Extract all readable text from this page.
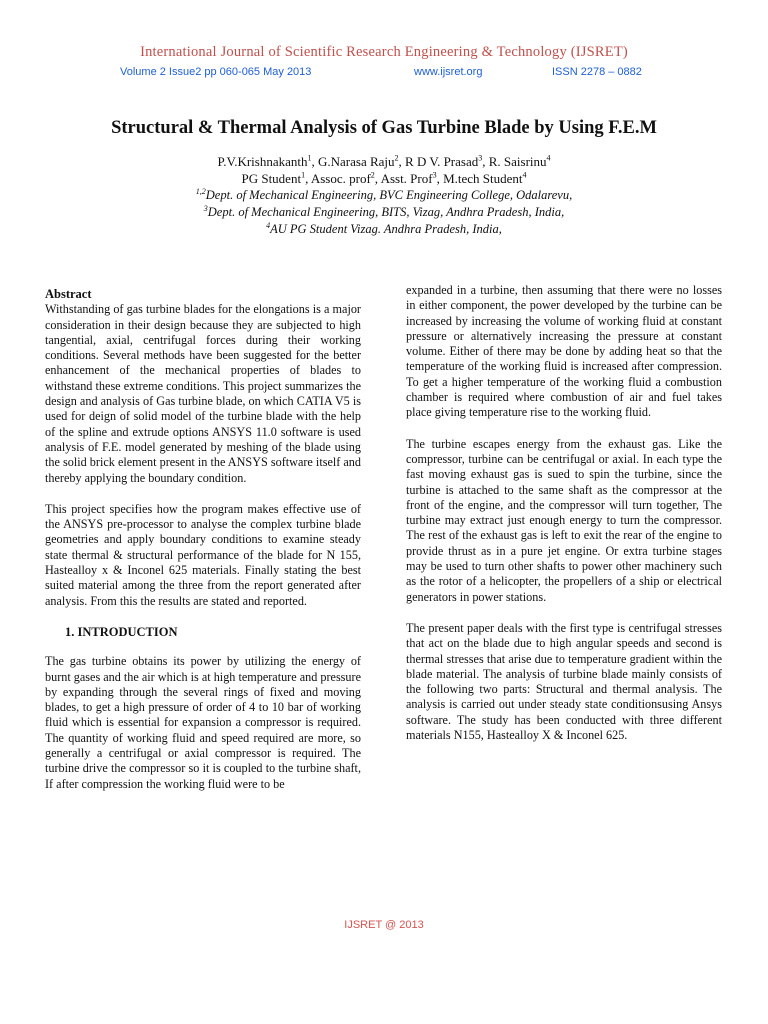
International Journal of Scientific Research Engineering & Technology (IJSRET)
Volume 2 Issue2 pp 060-065 May 2013	www.ijsret.org	ISSN 2278 – 0882
Structural & Thermal Analysis of Gas Turbine Blade by Using F.E.M
P.V.Krishnakanth$^1$, G.Narasa Raju$^2$, R D V. Prasad$^3$, R. Saisrinu$^4$
PG Student$^1$, Assoc. prof$^2$, Asst. Prof$^3$, M.tech Student$^4$
$^{1,2}$Dept. of Mechanical Engineering, BVC Engineering College, Odalarevu,
$^3$Dept. of Mechanical Engineering, BITS, Vizag, Andhra Pradesh, India,
$^4$AU PG Student Vizag. Andhra Pradesh, India,
Abstract

Withstanding of gas turbine blades for the elongations is a major consideration in their design because they are subjected to high tangential, axial, centrifugal forces during their working conditions. Several methods have been suggested for the better enhancement of the mechanical properties of blades to withstand these extreme conditions. This project summarizes the design and analysis of Gas turbine blade, on which CATIA V5 is used for deign of solid model of the turbine blade with the help of the spline and extrude options ANSYS 11.0 software is used analysis of F.E. model generated by meshing of the blade using the solid brick element present in the ANSYS software itself and thereby applying the boundary condition.

This project specifies how the program makes effective use of the ANSYS pre-processor to analyse the complex turbine blade geometries and apply boundary conditions to examine steady state thermal & structural performance of the blade for N 155, Hastealloy x & Inconel 625 materials. Finally stating the best suited material among the three from the report generated after analysis. From this the results are stated and reported.

1. INTRODUCTION

The gas turbine obtains its power by utilizing the energy of burnt gases and the air which is at high temperature and pressure by expanding through the several rings of fixed and moving blades, to get a high pressure of order of 4 to 10 bar of working fluid which is essential for expansion a compressor is required. The quantity of working fluid and speed required are more, so generally a centrifugal or axial compressor is required. The turbine drive the compressor so it is coupled to the turbine shaft, If after compression the working fluid were to be

expanded in a turbine, then assuming that there were no losses in either component, the power developed by the turbine can be increased by increasing the volume of working fluid at constant pressure or alternatively increasing the pressure at constant volume. Either of there may be done by adding heat so that the temperature of the working fluid is increased after compression. To get a higher temperature of the working fluid a combustion chamber is required where combustion of air and fuel takes place giving temperature rise to the working fluid.

The turbine escapes energy from the exhaust gas. Like the compressor, turbine can be centrifugal or axial. In each type the fast moving exhaust gas is sued to spin the turbine, since the turbine is attached to the same shaft as the compressor at the front of the engine, and the compressor will turn together, The turbine may extract just enough energy to turn the compressor. The rest of the exhaust gas is left to exit the rear of the engine to provide thrust as in a pure jet engine. Or extra turbine stages may be used to turn other shafts to power other machinery such as the rotor of a helicopter, the propellers of a ship or electrical generators in power stations.

The present paper deals with the first type is centrifugal stresses that act on the blade due to high angular speeds and second is thermal stresses that arise due to temperature gradient within the blade material. The analysis of turbine blade mainly consists of the following two parts: Structural and thermal analysis. The analysis is carried out under steady state conditionsusing Ansys software. The study has been conducted with three different materials N155, Hastealloy X & Inconel 625.

IJSRET @ 2013
